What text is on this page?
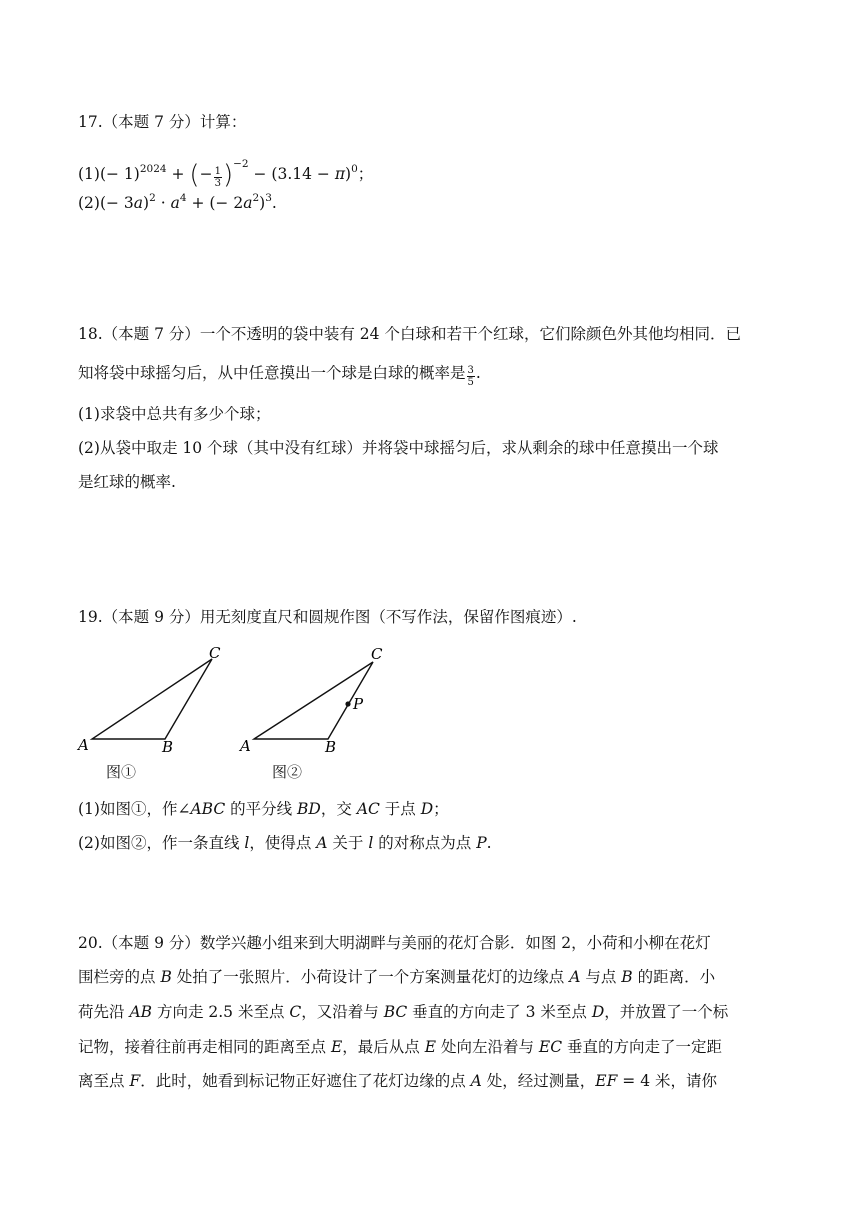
17.（本题 7 分）计算：
$(1)(- 1)^{2024}$ + (− $\frac{1}{3} )^{-2} - (3.14 - \pi)^0$；
$(2)(- 3a)^2 \cdot a^4$ + (− $2a^2)^3$.
18.（本题 7 分）一个不透明的袋中装有 24 个白球和若干个红球，它们除颜色外其他均相同．已
知将袋中球摇匀后，从中任意摸出一个球是白球的概率是 $\frac{3}{5}$ .
(1)求袋中总共有多少个球；
(2)从袋中取走 10 个球（其中没有红球）并将袋中球摇匀后，求从剩余的球中任意摸出一个球
是红球的概率.
19.（本题 9 分）用无刻度直尺和圆规作图（不写作法，保留作图痕迹）.
A	B
C
A	B
C
P
图①	图②
(1)如图①，作∠ABC 的平分线 BD，交 AC 于点 D；
(2)如图②，作一条直线 l，使得点 A 关于 l 的对称点为点 P.
20.（本题 9 分）数学兴趣小组来到大明湖畔与美丽的花灯合影．如图 2，小荷和小柳在花灯
围栏旁的点 B 处拍了一张照片．小荷设计了一个方案测量花灯的边缘点 A 与点 B 的距离．小
荷先沿 AB 方向走 2.5 米至点 C，又沿着与 BC 垂直的方向走了 3 米至点 D，并放置了一个标
记物，接着往前再走相同的距离至点 E，最后从点 E 处向左沿着与 EC 垂直的方向走了一定距
离至点 F．此时，她看到标记物正好遮住了花灯边缘的点 A 处，经过测量，EF = 4 米，请你
